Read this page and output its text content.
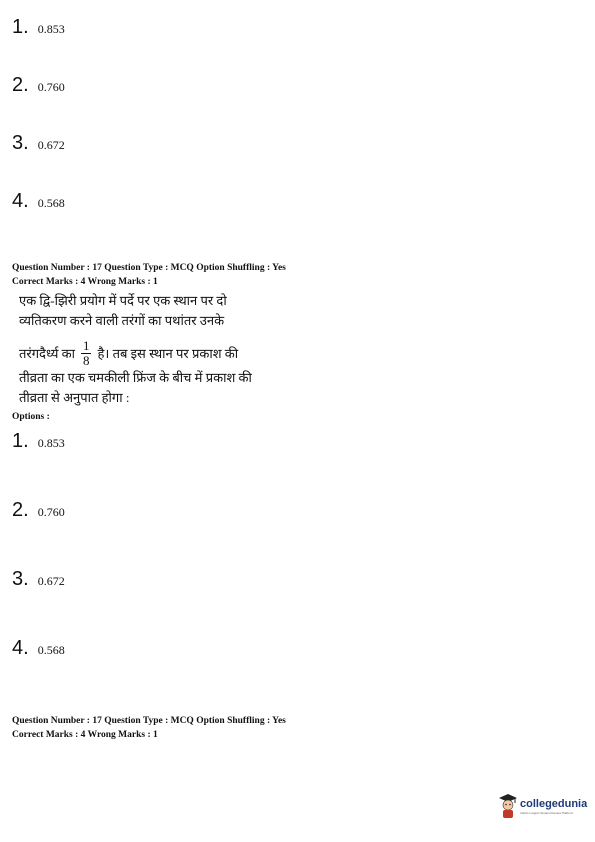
1. 0.853
2. 0.760
3. 0.672
4. 0.568
Question Number : 17 Question Type : MCQ Option Shuffling : Yes
Correct Marks : 4 Wrong Marks : 1
एक द्वि-झिरी प्रयोग में पर्दे पर एक स्थान पर दो
व्यतिकरण करने वाली तरंगों का पथांतर उनके
तरंगदैर्ध्य का $\frac{1}{8}$ है। तब इस स्थान पर प्रकाश की
तीव्रता का एक चमकीली फ्रिंज के बीच में प्रकाश की
तीव्रता से अनुपात होगा :
Options :
1. 0.853
2. 0.760
3. 0.672
4. 0.568
Question Number : 17 Question Type : MCQ Option Shuffling : Yes
Correct Marks : 4 Wrong Marks : 1
collegedunia
India's Largest Student Review Platform
